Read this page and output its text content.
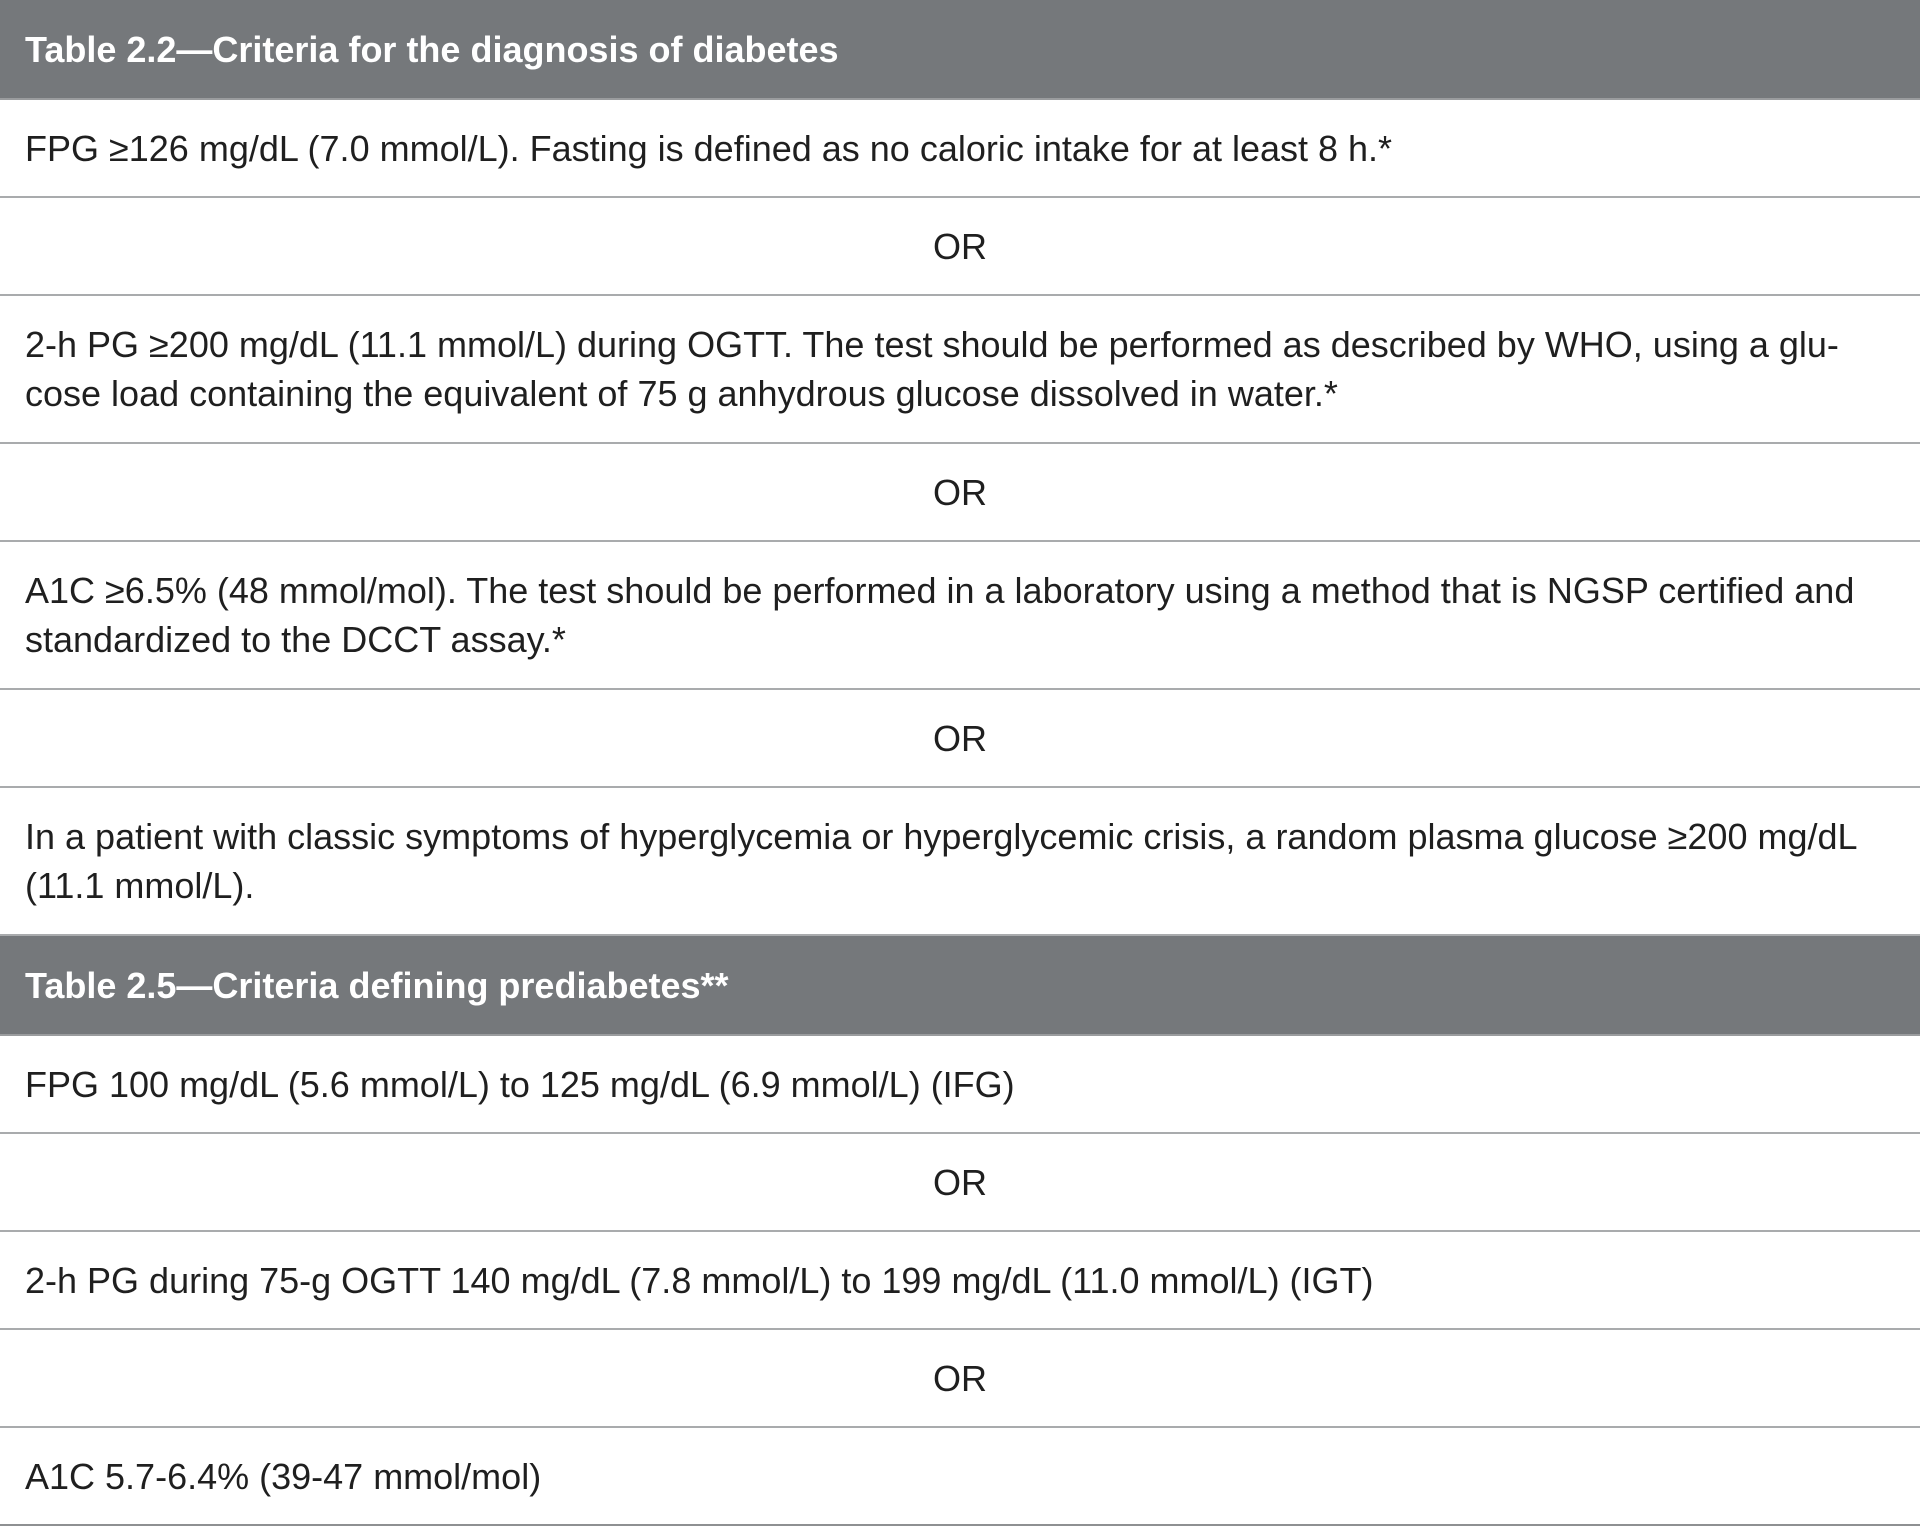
Table 2.2—Criteria for the diagnosis of diabetes
FPG ≥126 mg/dL (7.0 mmol/L). Fasting is defined as no caloric intake for at least 8 h.*
OR
2-h PG ≥200 mg/dL (11.1 mmol/L) during OGTT. The test should be performed as described by WHO, using a glu-cose load containing the equivalent of 75 g anhydrous glucose dissolved in water.*
OR
A1C ≥6.5% (48 mmol/mol). The test should be performed in a laboratory using a method that is NGSP certified and standardized to the DCCT assay.*
OR
In a patient with classic symptoms of hyperglycemia or hyperglycemic crisis, a random plasma glucose ≥200 mg/dL (11.1 mmol/L).
Table 2.5—Criteria defining prediabetes**
FPG 100 mg/dL (5.6 mmol/L) to 125 mg/dL (6.9 mmol/L) (IFG)
OR
2-h PG during 75-g OGTT 140 mg/dL (7.8 mmol/L) to 199 mg/dL (11.0 mmol/L) (IGT)
OR
A1C 5.7-6.4% (39-47 mmol/mol)
